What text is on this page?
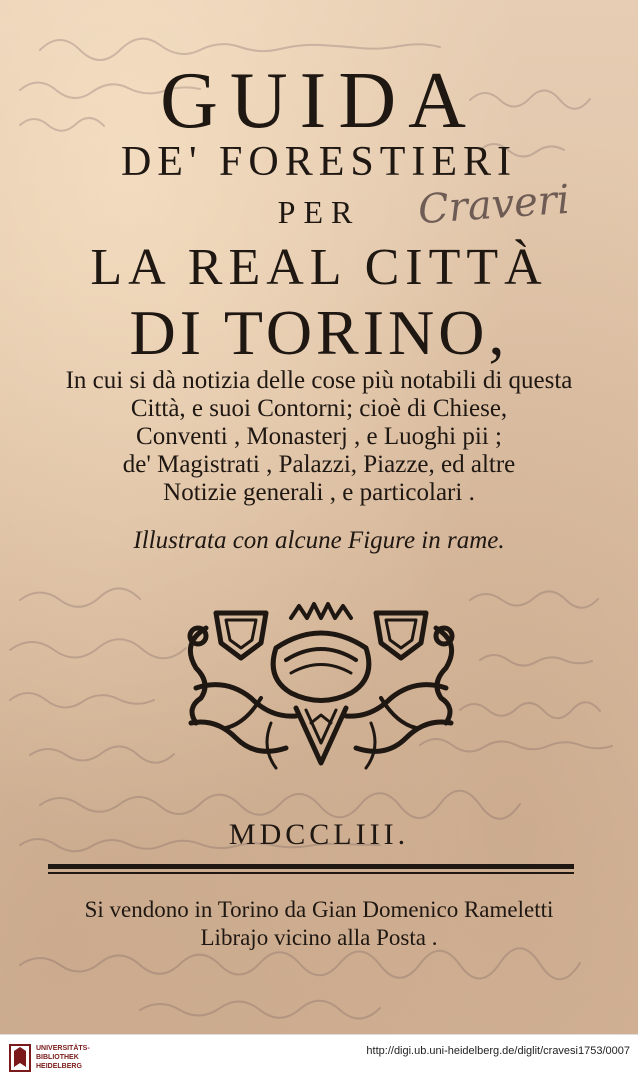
GUIDA
DE' FORESTIERI
PER
LA REAL CITTÀ
DI TORINO,
Craveri
In cui si dà notizia delle cose più notabili di questa
Città, e suoi Contorni; cioè di Chiese,
Conventi , Monasterj , e Luoghi pii ;
de' Magistrati , Palazzi, Piazze, ed altre
Notizie generali , e particolari .
Illustrata con alcune Figure in rame.
MDCCLIII.
Si vendono in Torino da Gian Domenico Rameletti
Librajo vicino alla Posta .
UNIVERSITÄTS-
BIBLIOTHEK
HEIDELBERG
http://digi.ub.uni-heidelberg.de/diglit/cravesi1753/0007
